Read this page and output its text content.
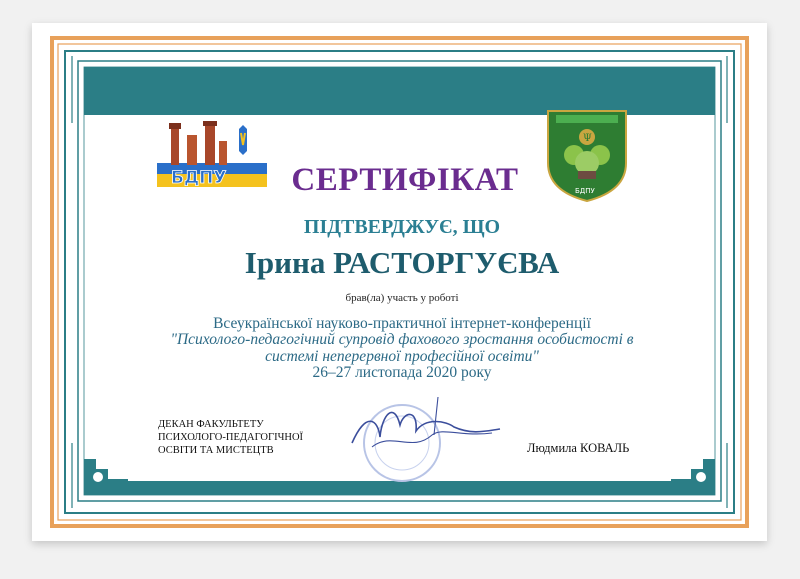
БДПУ
Ψ
БДПУ
СЕРТИФІКАТ
ПІДТВЕРДЖУЄ, ЩО
Ірина РАСТОРГУЄВА
брав(ла) участь у роботі
Всеукраїнської науково-практичної інтернет-конференції
"Психолого-педагогічний супровід фахового зростання особистості в системі неперервної професійної освіти"
26–27 листопада 2020 року
ДЕКАН ФАКУЛЬТЕТУ
ПСИХОЛОГО-ПЕДАГОГІЧНОЇ
ОСВІТИ ТА МИСТЕЦТВ	Людмила КОВАЛЬ
